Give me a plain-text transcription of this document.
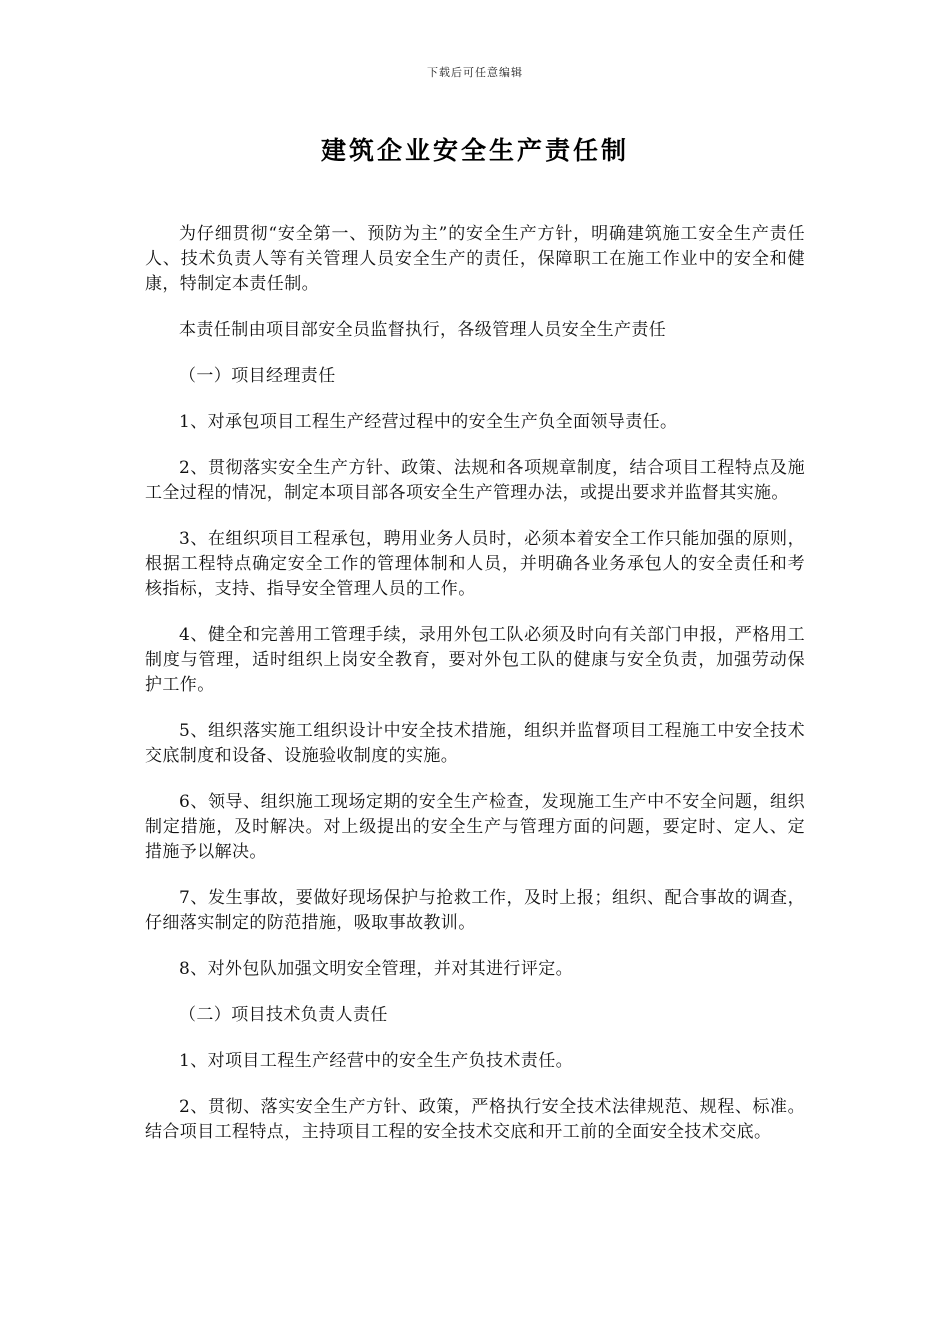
下载后可任意编辑
建筑企业安全生产责任制

为仔细贯彻“安全第一、预防为主”的安全生产方针，明确建筑施工安全生产责任人、技术负责人等有关管理人员安全生产的责任，保障职工在施工作业中的安全和健康，特制定本责任制。

本责任制由项目部安全员监督执行，各级管理人员安全生产责任

（一）项目经理责任

1、对承包项目工程生产经营过程中的安全生产负全面领导责任。

2、贯彻落实安全生产方针、政策、法规和各项规章制度，结合项目工程特点及施工全过程的情况，制定本项目部各项安全生产管理办法，或提出要求并监督其实施。

3、在组织项目工程承包，聘用业务人员时，必须本着安全工作只能加强的原则，根据工程特点确定安全工作的管理体制和人员，并明确各业务承包人的安全责任和考核指标，支持、指导安全管理人员的工作。

4、健全和完善用工管理手续，录用外包工队必须及时向有关部门申报，严格用工制度与管理，适时组织上岗安全教育，要对外包工队的健康与安全负责，加强劳动保护工作。

5、组织落实施工组织设计中安全技术措施，组织并监督项目工程施工中安全技术交底制度和设备、设施验收制度的实施。

6、领导、组织施工现场定期的安全生产检查，发现施工生产中不安全问题，组织制定措施，及时解决。对上级提出的安全生产与管理方面的问题，要定时、定人、定措施予以解决。

7、发生事故，要做好现场保护与抢救工作，及时上报；组织、配合事故的调查，仔细落实制定的防范措施，吸取事故教训。

8、对外包队加强文明安全管理，并对其进行评定。

（二）项目技术负责人责任

1、对项目工程生产经营中的安全生产负技术责任。

2、贯彻、落实安全生产方针、政策，严格执行安全技术法律规范、规程、标准。结合项目工程特点，主持项目工程的安全技术交底和开工前的全面安全技术交底。
